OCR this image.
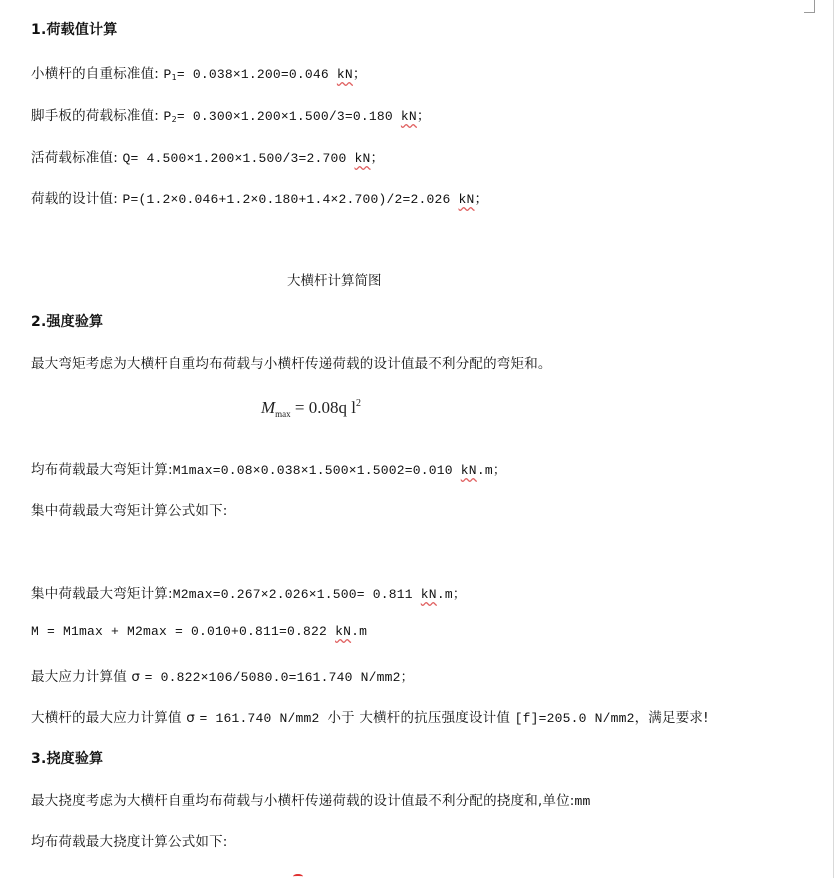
1.荷载值计算
小横杆的自重标准值: $P_1= 0.038\times 1.200=0.046$ kN；
脚手板的荷载标准值: $P_2= 0.300\times 1.200\times 1.500/3=0.180$ kN；
活荷载标准值: Q= 4.500×1.200×1.500/3=2.700 kN；
荷载的设计值: P=(1.2×0.046+1.2×0.180+1.4×2.700)/2=2.026 kN；
大横杆计算简图
2.强度验算
最大弯矩考虑为大横杆自重均布荷载与小横杆传递荷载的设计值最不利分配的弯矩和。
$M_{max} = 0.08q$ $l^2$
均布荷载最大弯矩计算:M1max=0.08×0.038×1.500×1.5002=0.010 kN.m；
集中荷载最大弯矩计算公式如下:
集中荷载最大弯矩计算:M2max=0.267×2.026×1.500= 0.811 kN.m；
M = M1max + M2max = 0.010+0.811=0.822 kN.m
最大应力计算值 σ = 0.822×106/5080.0=161.740 N/mm2；
大横杆的最大应力计算值 σ = 161.740 N/mm2 小于 大横杆的抗压强度设计值 [f]=205.0 N/mm2，满足要求!
3.挠度验算
最大挠度考虑为大横杆自重均布荷载与小横杆传递荷载的设计值最不利分配的挠度和,单位:mm
均布荷载最大挠度计算公式如下:
